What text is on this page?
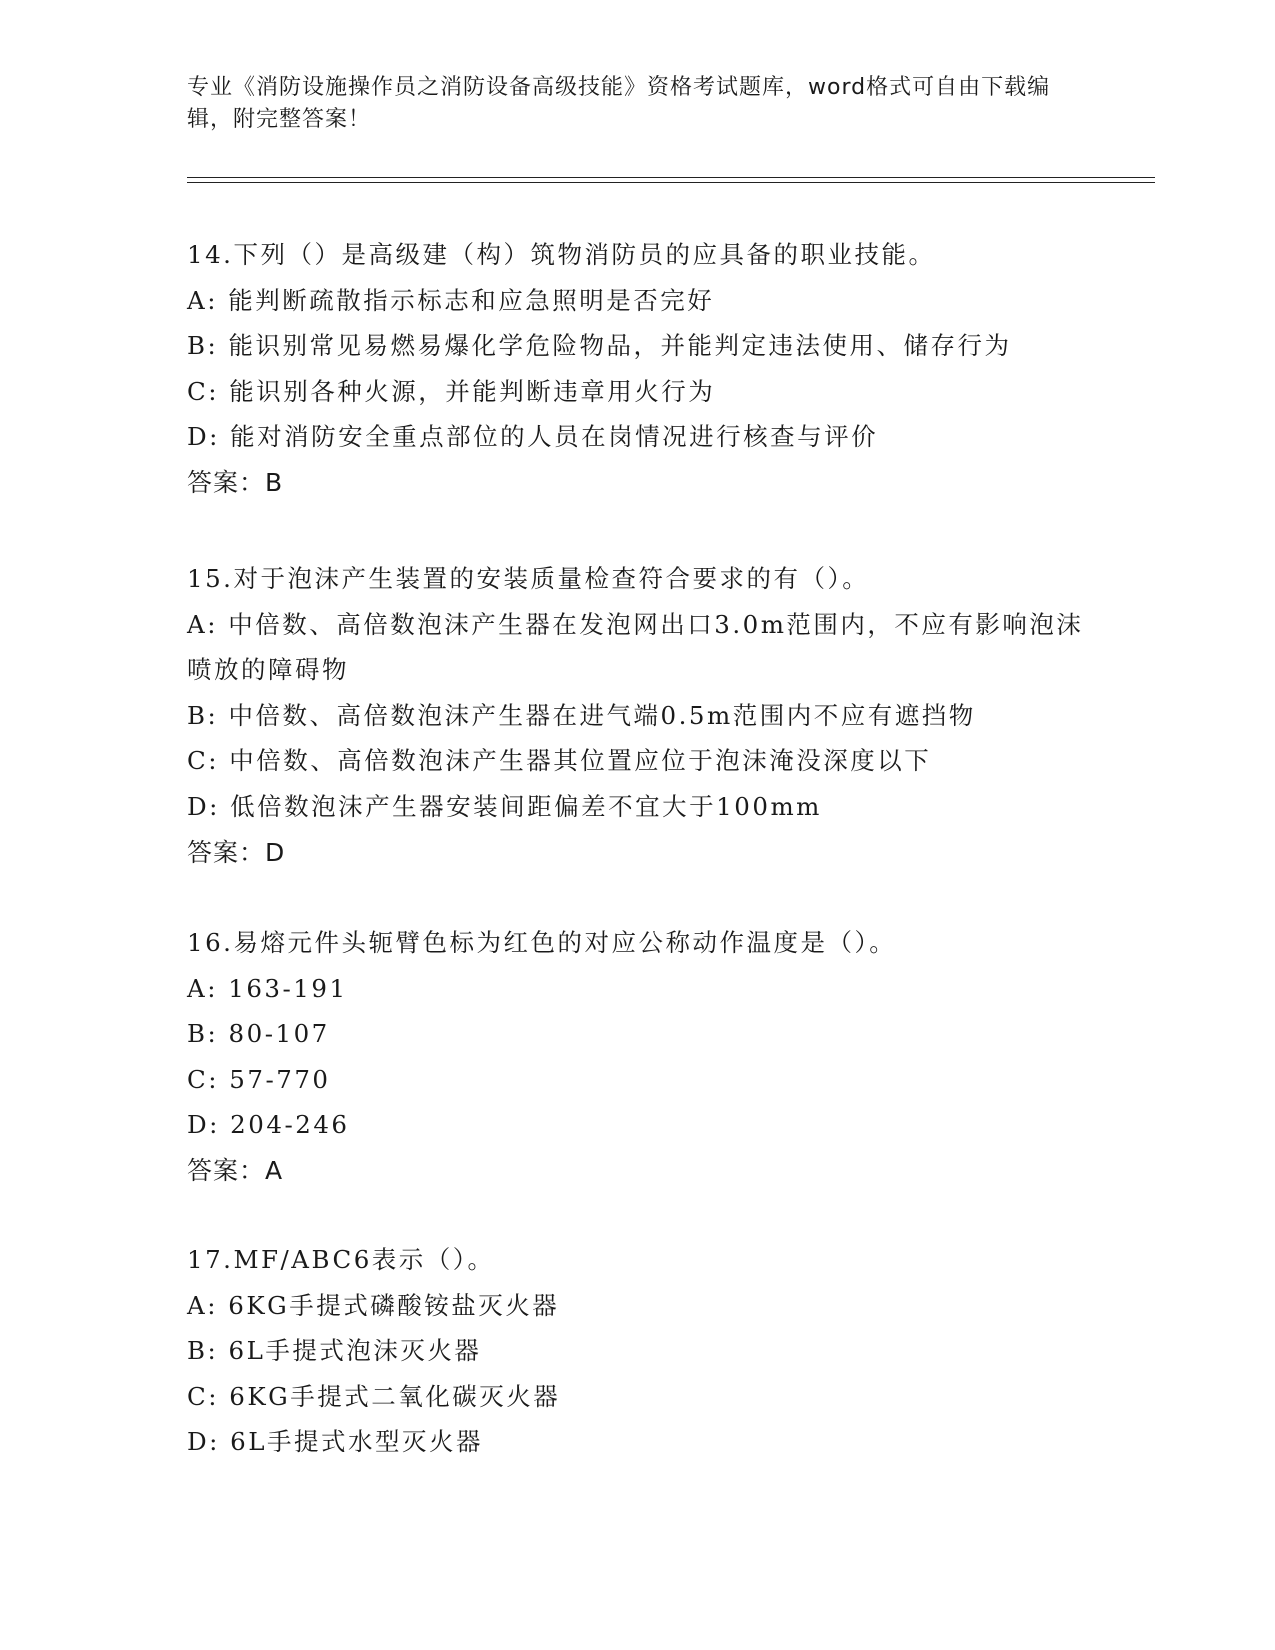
专业《消防设施操作员之消防设备高级技能》资格考试题库，word格式可自由下载编辑，附完整答案！

14.下列（）是高级建（构）筑物消防员的应具备的职业技能。

A: 能判断疏散指示标志和应急照明是否完好

B: 能识别常见易燃易爆化学危险物品，并能判定违法使用、储存行为

C: 能识别各种火源，并能判断违章用火行为

D: 能对消防安全重点部位的人员在岗情况进行核查与评价

答案：B

15.对于泡沫产生装置的安装质量检查符合要求的有（）。

A: 中倍数、高倍数泡沫产生器在发泡网出口3.0m范围内，不应有影响泡沫喷放的障碍物

B: 中倍数、高倍数泡沫产生器在进气端0.5m范围内不应有遮挡物

C: 中倍数、高倍数泡沫产生器其位置应位于泡沫淹没深度以下

D: 低倍数泡沫产生器安装间距偏差不宜大于100mm

答案：D

16.易熔元件头轭臂色标为红色的对应公称动作温度是（）。

A: 163-191

B: 80-107

C: 57-770

D: 204-246

答案：A

17.MF/ABC6表示（）。

A: 6KG手提式磷酸铵盐灭火器

B: 6L手提式泡沫灭火器

C: 6KG手提式二氧化碳灭火器

D: 6L手提式水型灭火器
